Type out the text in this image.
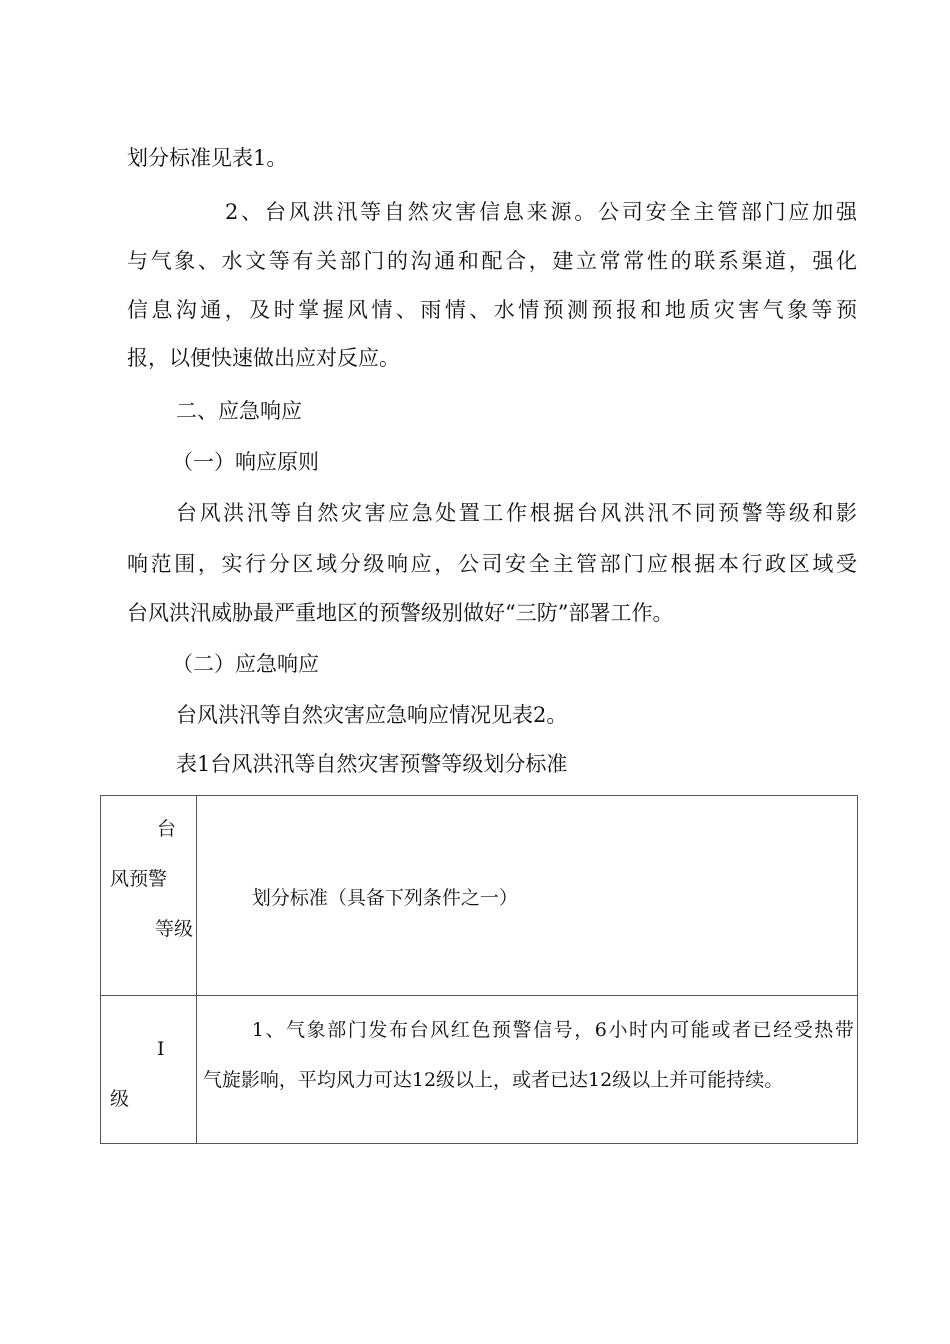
划分标准见表1。
2、台风洪汛等自然灾害信息来源。公司安全主管部门应加强
与气象、水文等有关部门的沟通和配合，建立常常性的联系渠道，强化
信息沟通，及时掌握风情、雨情、水情预测预报和地质灾害气象等预
报，以便快速做出应对反应。
二、应急响应
（一）响应原则
台风洪汛等自然灾害应急处置工作根据台风洪汛不同预警等级和影
响范围，实行分区域分级响应，公司安全主管部门应根据本行政区域受
台风洪汛威胁最严重地区的预警级别做好“三防”部署工作。
（二）应急响应
台风洪汛等自然灾害应急响应情况见表2。
表1台风洪汛等自然灾害预警等级划分标准
台
风预警
等级	划分标准（具备下列条件之一）

I
级	1、气象部门发布台风红色预警信号，6小时内可能或者已经受热带
气旋影响，平均风力可达12级以上，或者已达12级以上并可能持续。
